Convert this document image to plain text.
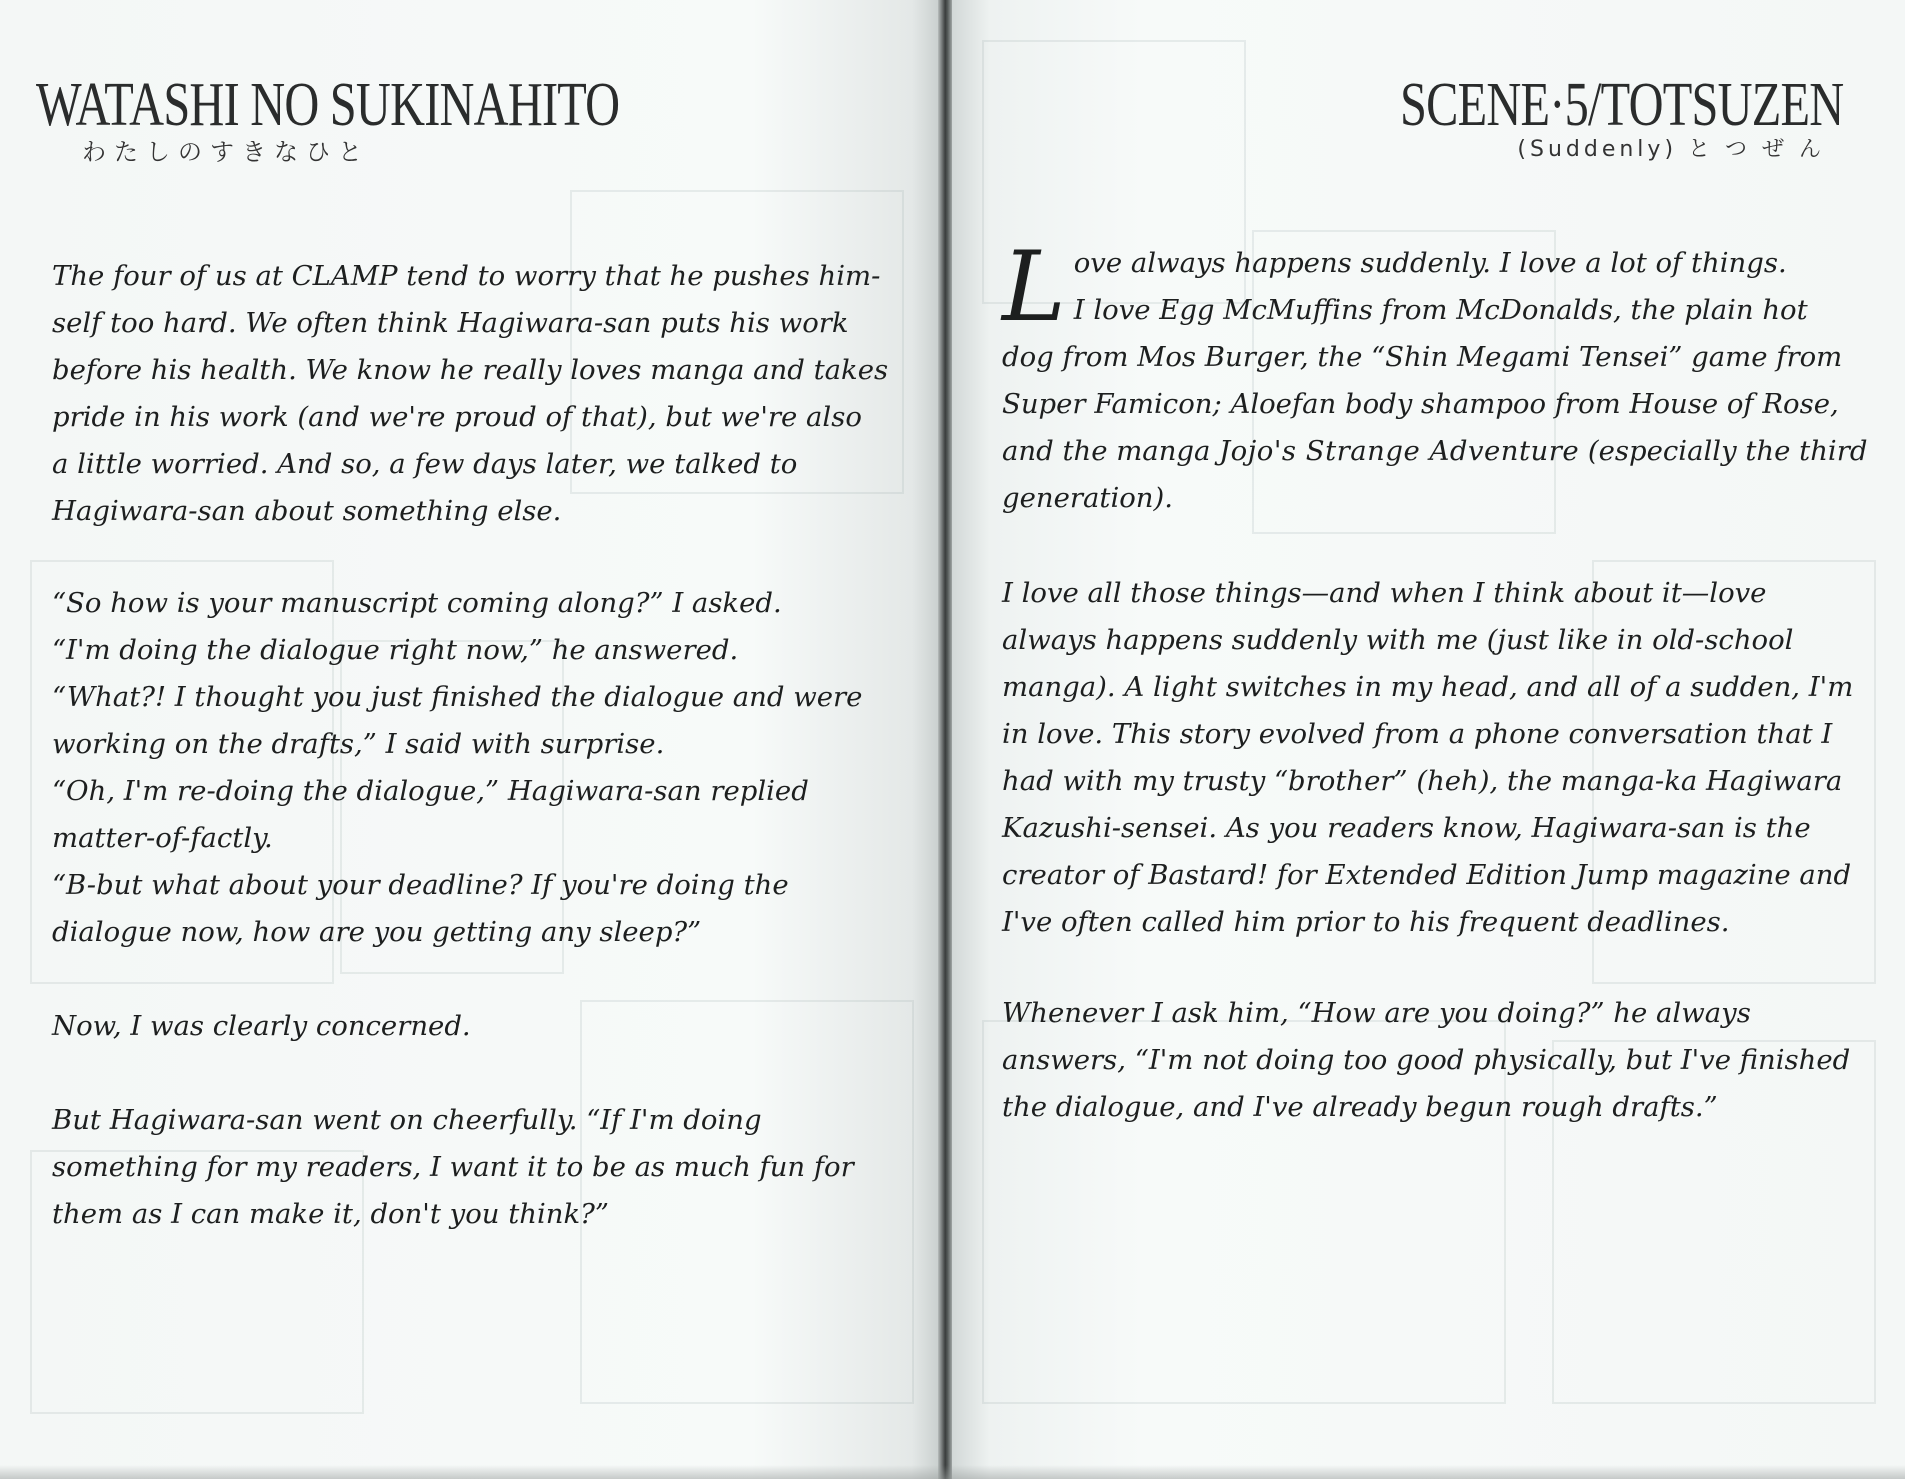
WATASHI NO SUKINAHITO
わたしのすきなひと
The four of us at CLAMP tend to worry that he pushes him-
self too hard. We often think Hagiwara-san puts his work
before his health. We know he really loves manga and takes
pride in his work (and we're proud of that), but we're also
a little worried. And so, a few days later, we talked to
Hagiwara-san about something else.
“So how is your manuscript coming along?” I asked.
“I'm doing the dialogue right now,” he answered.
“What?! I thought you just finished the dialogue and were
working on the drafts,” I said with surprise.
“Oh, I'm re-doing the dialogue,” Hagiwara-san replied
matter-of-factly.
“B-but what about your deadline? If you're doing the
dialogue now, how are you getting any sleep?”
Now, I was clearly concerned.
But Hagiwara-san went on cheerfully. “If I'm doing
something for my readers, I want it to be as much fun for
them as I can make it, don't you think?”
SCENE·5/TOTSUZEN
(Suddenly) と つ ぜ ん
L ove always happens suddenly. I love a lot of things.
I love Egg McMuffins from McDonalds, the plain hot
dog from Mos Burger, the “Shin Megami Tensei” game from
Super Famicon; Aloefan body shampoo from House of Rose,
and the manga Jojo's Strange Adventure (especially the third
generation).
I love all those things—and when I think about it—love
always happens suddenly with me (just like in old-school
manga). A light switches in my head, and all of a sudden, I'm
in love. This story evolved from a phone conversation that I
had with my trusty “brother” (heh), the manga-ka Hagiwara
Kazushi-sensei. As you readers know, Hagiwara-san is the
creator of Bastard! for Extended Edition Jump magazine and
I've often called him prior to his frequent deadlines.
Whenever I ask him, “How are you doing?” he always
answers, “I'm not doing too good physically, but I've finished
the dialogue, and I've already begun rough drafts.”
